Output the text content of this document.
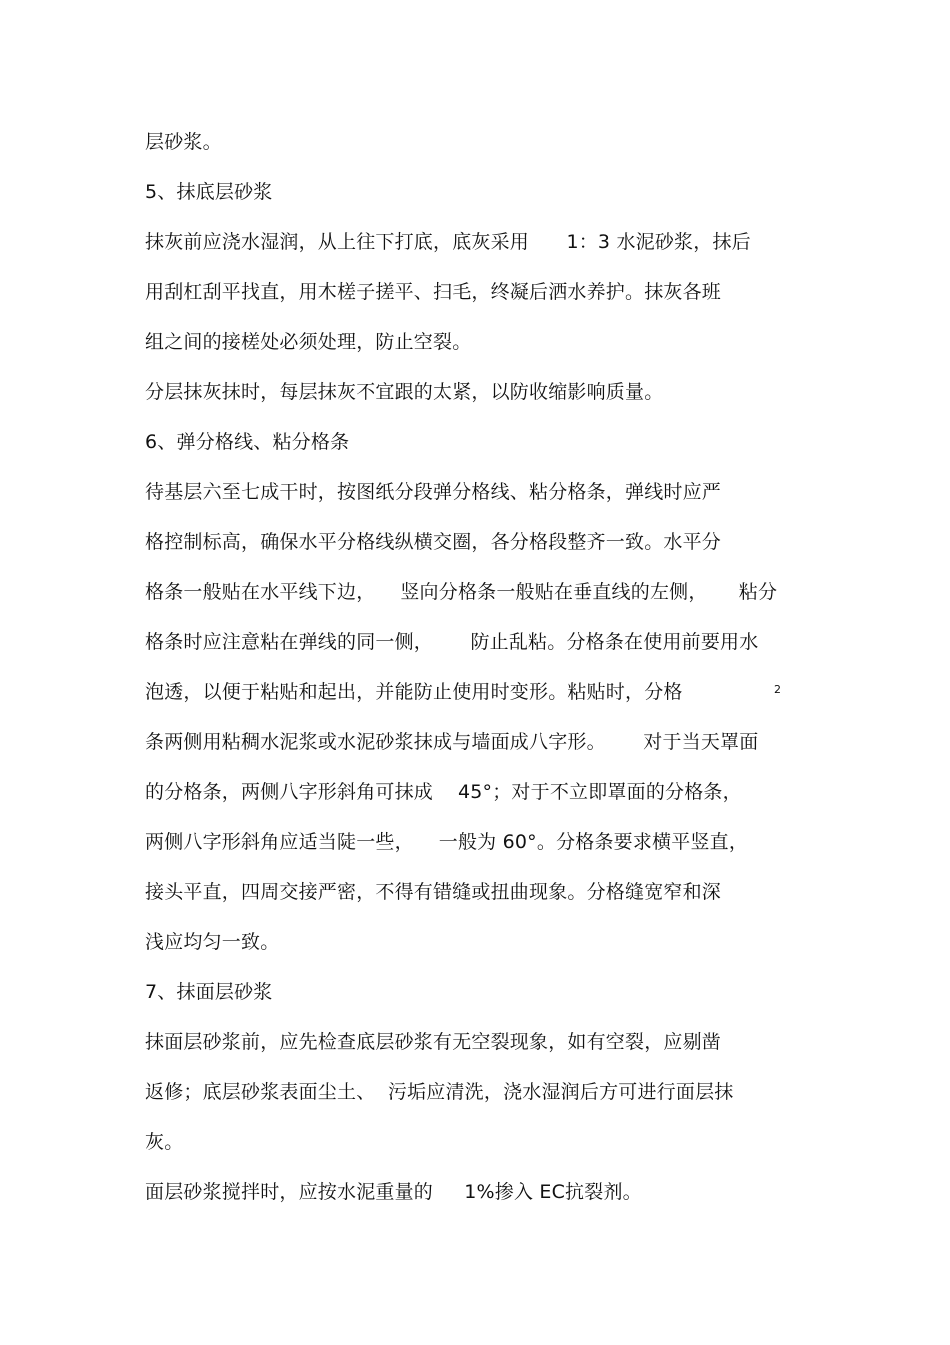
层砂浆。
5、抹底层砂浆
抹灰前应浇水湿润，从上往下打底，底灰采用      1：3 水泥砂浆，抹后
用刮杠刮平找直，用木槎子搓平、扫毛，终凝后洒水养护。抹灰各班
组之间的接槎处必须处理，防止空裂。
分层抹灰抹时，每层抹灰不宜跟的太紧，以防收缩影响质量。
6、弹分格线、粘分格条
待基层六至七成干时，按图纸分段弹分格线、粘分格条，弹线时应严
格控制标高，确保水平分格线纵横交圈，各分格段整齐一致。水平分
格条一般贴在水平线下边，    竖向分格条一般贴在垂直线的左侧，     粘分
格条时应注意粘在弹线的同一侧，      防止乱粘。分格条在使用前要用水
泡透，以便于粘贴和起出，并能防止使用时变形。粘贴时，分格	2
条两侧用粘稠水泥浆或水泥砂浆抹成与墙面成八字形。      对于当天罩面
的分格条，两侧八字形斜角可抹成    45°；对于不立即罩面的分格条，
两侧八字形斜角应适当陡一些，    一般为 60°。分格条要求横平竖直，
接头平直，四周交接严密，不得有错缝或扭曲现象。分格缝宽窄和深
浅应均匀一致。
7、抹面层砂浆
抹面层砂浆前，应先检查底层砂浆有无空裂现象，如有空裂，应剔凿
返修；底层砂浆表面尘土、  污垢应清洗，浇水湿润后方可进行面层抹
灰。
面层砂浆搅拌时，应按水泥重量的     1%掺入 EC抗裂剂。
